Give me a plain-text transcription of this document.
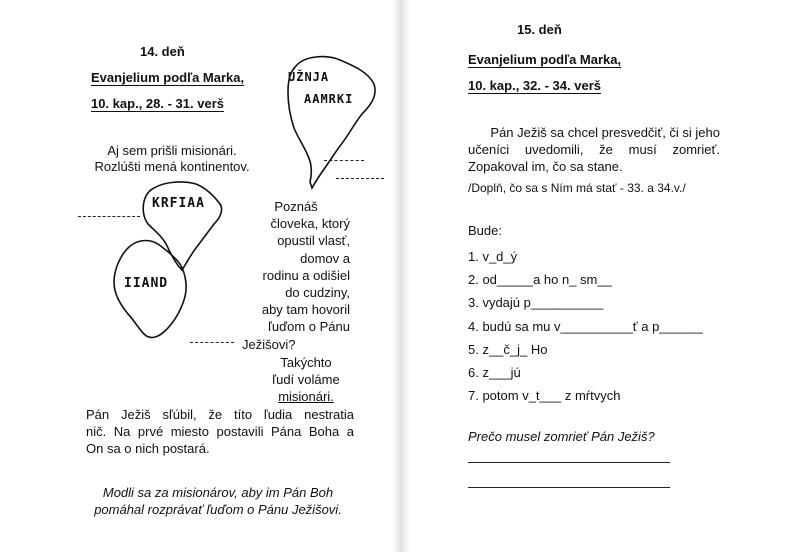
14. deň
Evanjelium podľa Marka,
10. kap., 28. - 31. verš
Aj sem prišli misionári.
Rozlúšti mená kontinentov.
UŽNJA
AAMRKI
KRFIAA
IIAND
Poznáš
človeka, ktorý
opustil vlasť,
domov a
rodinu a odišiel
do cudziny,
aby tam hovoril
ľuďom o Pánu
Ježišovi?
Takýchto
ľudí voláme
misionári.
Pán Ježiš sľúbil, že títo ľudia nestratia
nič. Na prvé miesto postavili Pána Boha a
On sa o nich postará.
Modli sa za misionárov, aby im Pán Boh
pomáhal rozprávať ľuďom o Pánu Ježišovi.
15. deň
Evanjelium podľa Marka,
10. kap., 32. - 34. verš
Pán Ježiš sa chcel presvedčiť, či si jeho
učeníci uvedomili, že musí zomrieť.
Zopakoval im, čo sa stane.
/Doplň, čo sa s Ním má stať - 33. a 34.v./
Bude:
1. v_d_ý
2. od_____a ho n_ sm__
3. vydajú p__________
4. budú sa mu v__________ť a p______
5. z__č_j_ Ho
6. z___jú
7. potom v_t___ z mŕtvych
Prečo musel zomrieť Pán Ježiš?
